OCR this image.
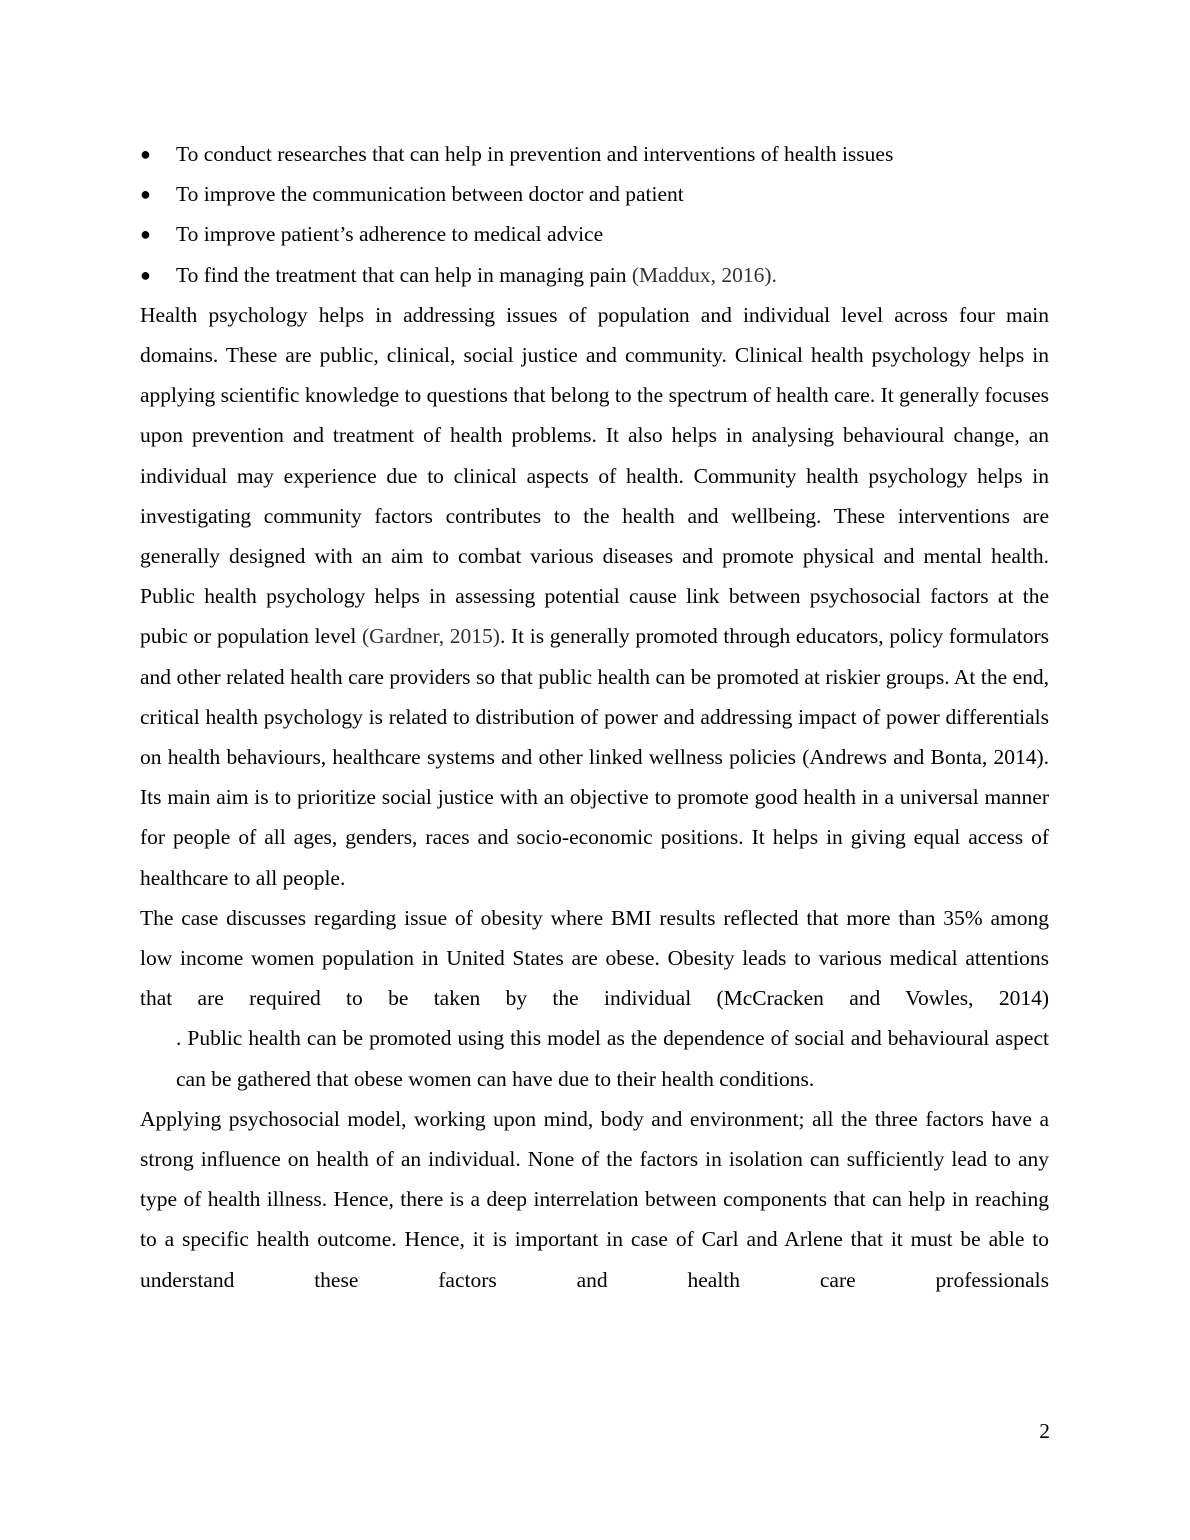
● To conduct researches that can help in prevention and interventions of health issues
● To improve the communication between doctor and patient
● To improve patient’s adherence to medical advice
● To find the treatment that can help in managing pain (Maddux, 2016).

Health psychology helps in addressing issues of population and individual level across four main domains. These are public, clinical, social justice and community. Clinical health psychology helps in applying scientific knowledge to questions that belong to the spectrum of health care. It generally focuses upon prevention and treatment of health problems. It also helps in analysing behavioural change, an individual may experience due to clinical aspects of health. Community health psychology helps in investigating community factors contributes to the health and wellbeing. These interventions are generally designed with an aim to combat various diseases and promote physical and mental health. Public health psychology helps in assessing potential cause link between psychosocial factors at the pubic or population level (Gardner, 2015). It is generally promoted through educators, policy formulators and other related health care providers so that public health can be promoted at riskier groups. At the end, critical health psychology is related to distribution of power and addressing impact of power differentials on health behaviours, healthcare systems and other linked wellness policies (Andrews and Bonta, 2014). Its main aim is to prioritize social justice with an objective to promote good health in a universal manner for people of all ages, genders, races and socio-economic positions. It helps in giving equal access of healthcare to all people.

The case discusses regarding issue of obesity where BMI results reflected that more than 35% among low income women population in United States are obese. Obesity leads to various medical attentions that are required to be taken by the individual (McCracken and Vowles, 2014)

. Public health can be promoted using this model as the dependence of social and behavioural aspect can be gathered that obese women can have due to their health conditions.

Applying psychosocial model, working upon mind, body and environment; all the three factors have a strong influence on health of an individual. None of the factors in isolation can sufficiently lead to any type of health illness. Hence, there is a deep interrelation between components that can help in reaching to a specific health outcome. Hence, it is important in case of Carl and Arlene that it must be able to understand these factors and health care professionals

2
